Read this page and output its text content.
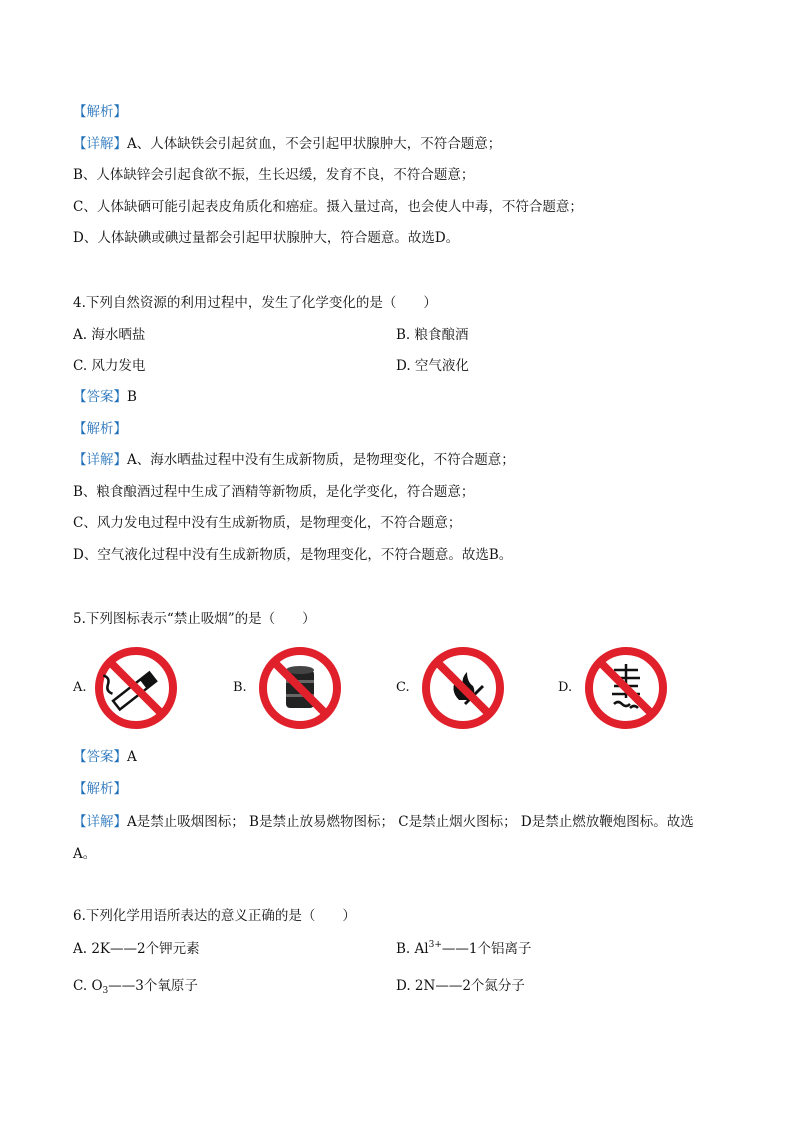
【解析】
【详解】A、人体缺铁会引起贫血，不会引起甲状腺肿大，不符合题意；
B、人体缺锌会引起食欲不振，生长迟缓，发育不良，不符合题意；
C、人体缺硒可能引起表皮角质化和癌症。摄入量过高，也会使人中毒，不符合题意；
D、人体缺碘或碘过量都会引起甲状腺肿大，符合题意。故选D。
4.下列自然资源的利用过程中，发生了化学变化的是（　　）
A. 海水晒盐	B. 粮食酿酒
C. 风力发电	D. 空气液化
【答案】B
【解析】
【详解】A、海水晒盐过程中没有生成新物质，是物理变化，不符合题意；
B、粮食酿酒过程中生成了酒精等新物质，是化学变化，符合题意；
C、风力发电过程中没有生成新物质，是物理变化，不符合题意；
D、空气液化过程中没有生成新物质，是物理变化，不符合题意。故选B。
5.下列图标表示“禁止吸烟”的是（　　）
A.	B.	C.	D.
【答案】A
【解析】
【详解】A是禁止吸烟图标； B是禁止放易燃物图标； C是禁止烟火图标； D是禁止燃放鞭炮图标。故选
A。
6.下列化学用语所表达的意义正确的是（　　）
A. 2K——2个钾元素	B. $Al^{3+}——1$个铝离子
C. $O_3——3$个氧原子	D. 2N——2个氮分子
